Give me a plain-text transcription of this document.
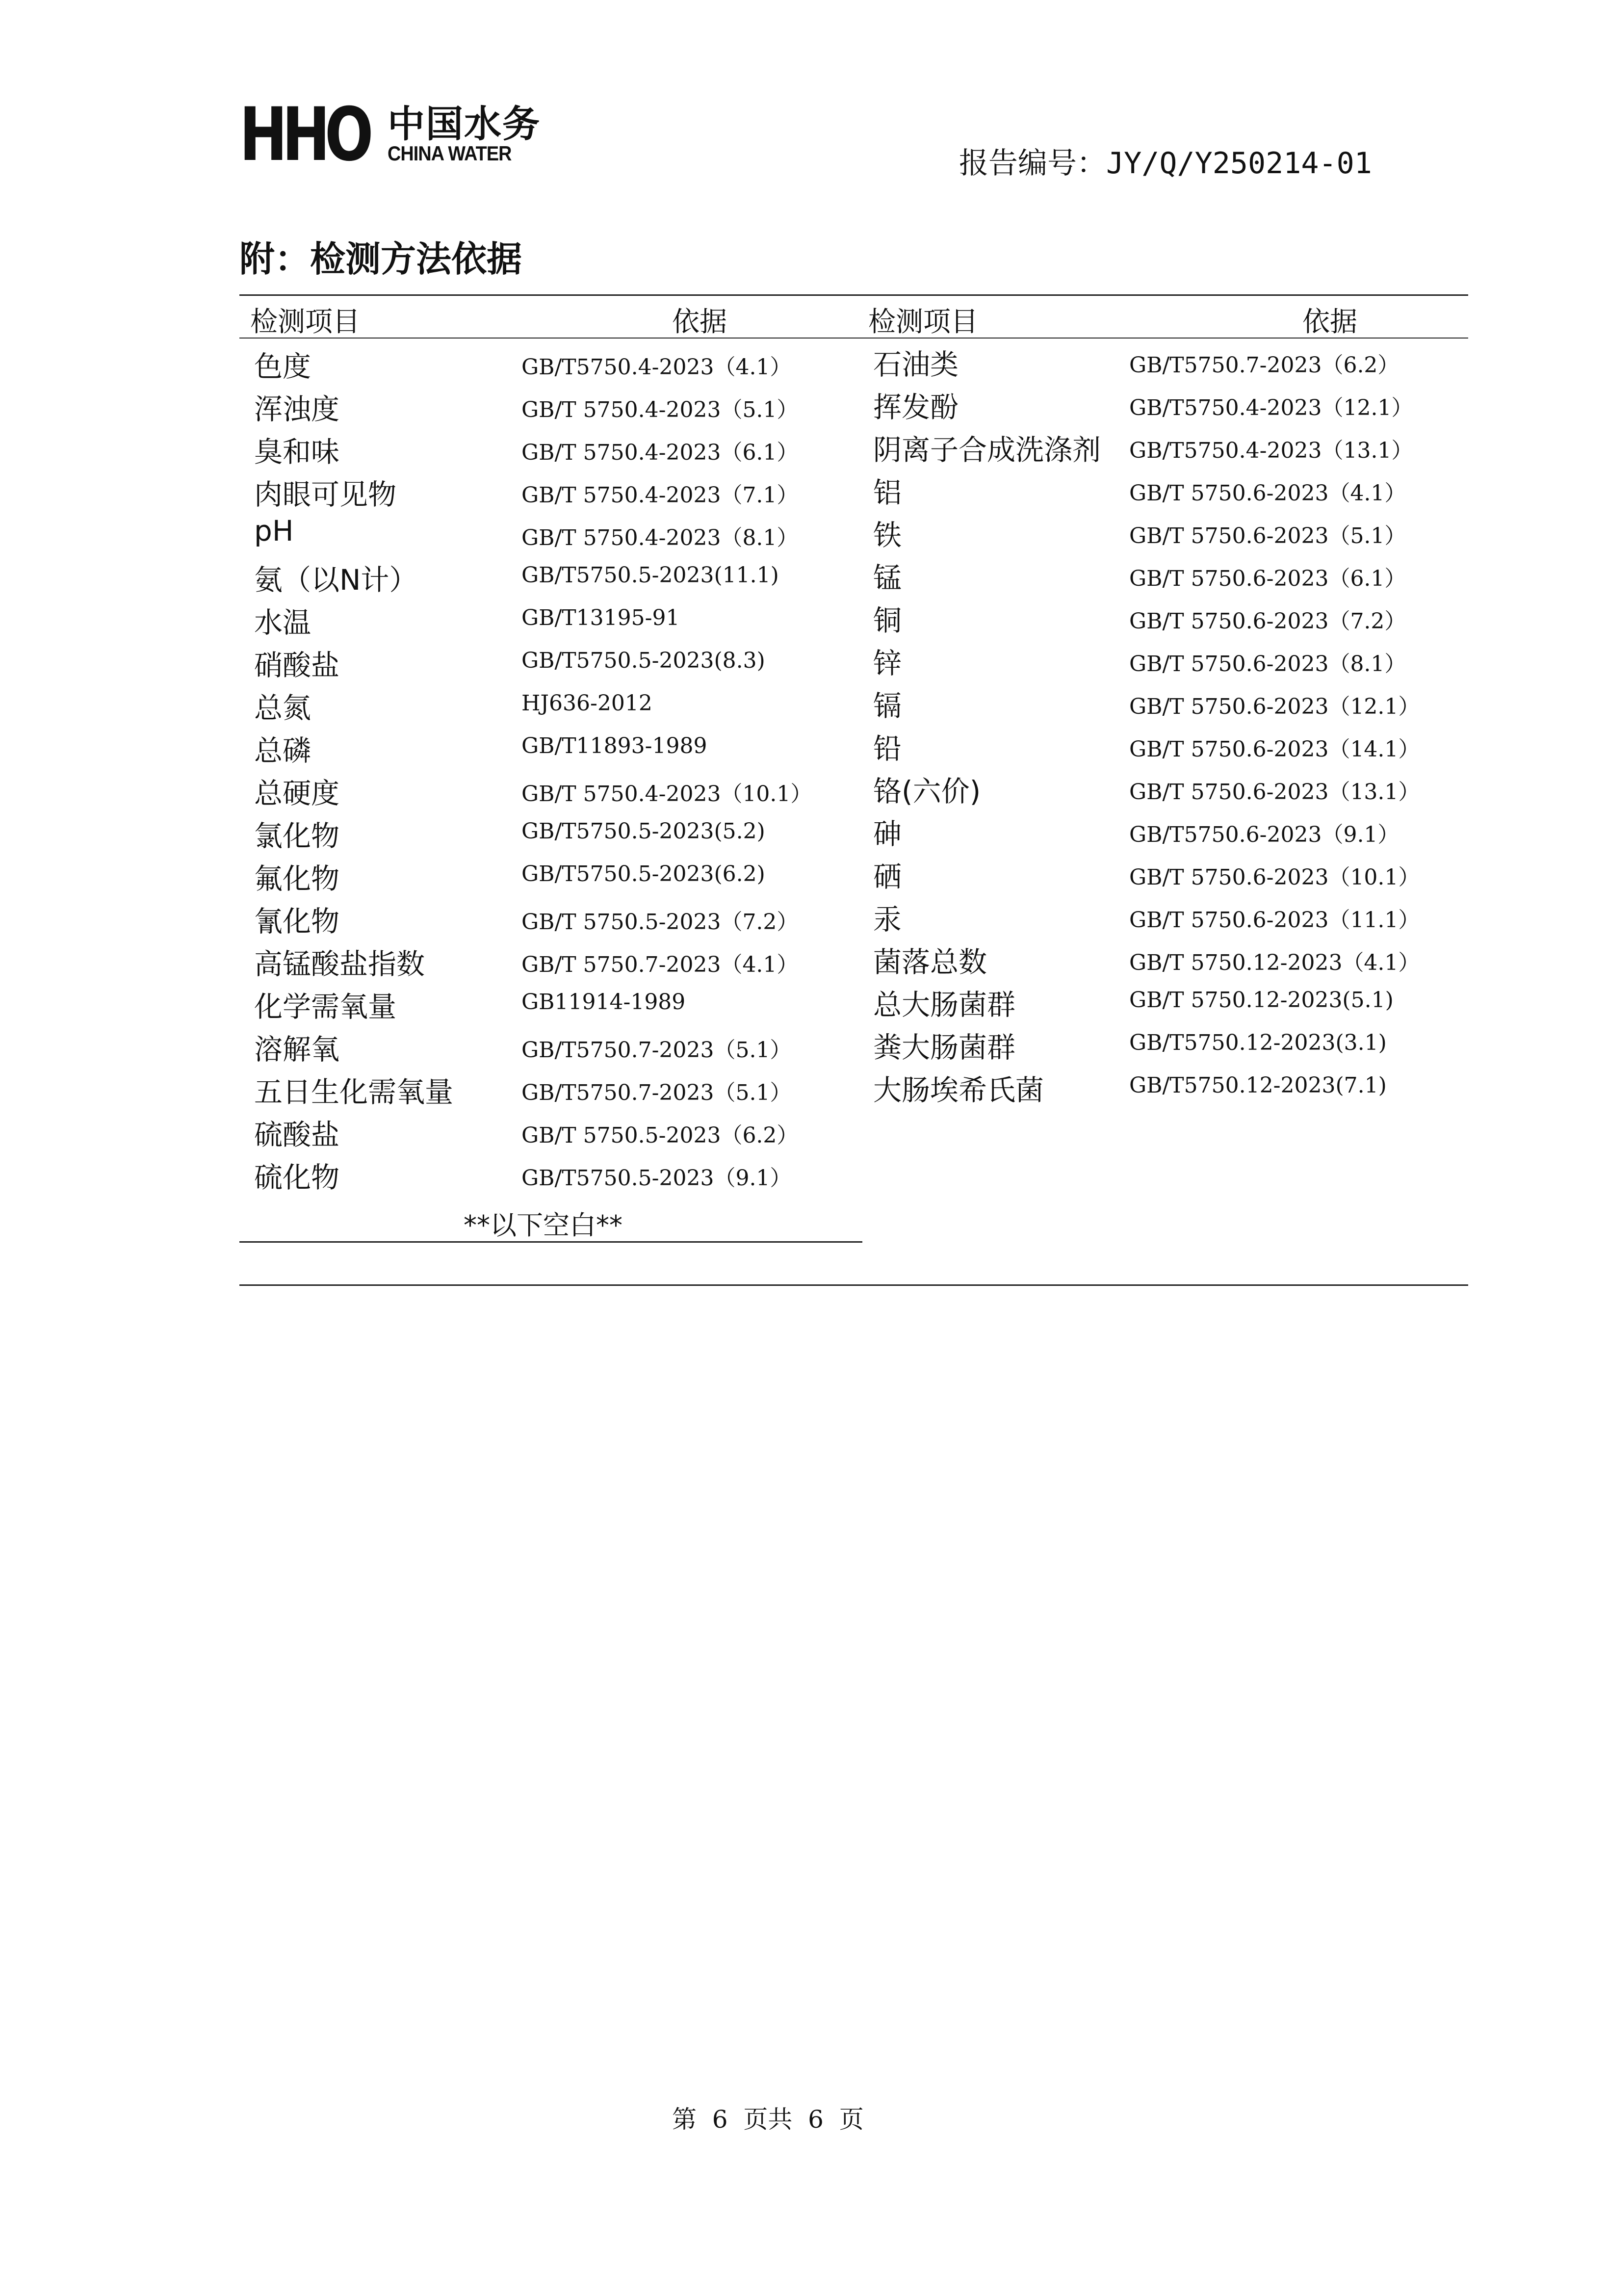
HHO 中国水务
CHINA WATER	报告编号：JY/Q/Y250214-01
附：检测方法依据
检测项目	依据	检测项目	依据
色度	GB/T5750.4-2023（4.1）
浑浊度	GB/T 5750.4-2023（5.1）
臭和味	GB/T 5750.4-2023（6.1）
肉眼可见物	GB/T 5750.4-2023（7.1）
pH	GB/T 5750.4-2023（8.1）
氨（以N计）	GB/T5750.5-2023(11.1)
水温	GB/T13195-91
硝酸盐	GB/T5750.5-2023(8.3)
总氮	HJ636-2012
总磷	GB/T11893-1989
总硬度	GB/T 5750.4-2023（10.1）
氯化物	GB/T5750.5-2023(5.2)
氟化物	GB/T5750.5-2023(6.2)
氰化物	GB/T 5750.5-2023（7.2）
高锰酸盐指数	GB/T 5750.7-2023（4.1）
化学需氧量	GB11914-1989
溶解氧	GB/T5750.7-2023（5.1）
五日生化需氧量	GB/T5750.7-2023（5.1）
硫酸盐	GB/T 5750.5-2023（6.2）
硫化物	GB/T5750.5-2023（9.1）
石油类	GB/T5750.7-2023（6.2）
挥发酚	GB/T5750.4-2023（12.1）
阴离子合成洗涤剂 GB/T5750.4-2023（13.1）
铝	GB/T 5750.6-2023（4.1）
铁	GB/T 5750.6-2023（5.1）
锰	GB/T 5750.6-2023（6.1）
铜	GB/T 5750.6-2023（7.2）
锌	GB/T 5750.6-2023（8.1）
镉	GB/T 5750.6-2023（12.1）
铅	GB/T 5750.6-2023（14.1）
铬(六价)	GB/T 5750.6-2023（13.1）
砷	GB/T5750.6-2023（9.1）
硒	GB/T 5750.6-2023（10.1）
汞	GB/T 5750.6-2023（11.1）
菌落总数	GB/T 5750.12-2023（4.1）
总大肠菌群	GB/T 5750.12-2023(5.1)
粪大肠菌群	GB/T5750.12-2023(3.1)
大肠埃希氏菌	GB/T5750.12-2023(7.1)
**以下空白**
第  6  页共  6  页
